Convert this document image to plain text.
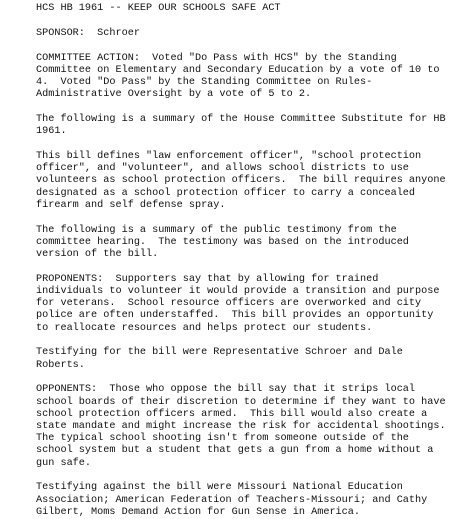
HCS HB 1961 -- KEEP OUR SCHOOLS SAFE ACT
SPONSOR:  Schroer
COMMITTEE ACTION:  Voted "Do Pass with HCS" by the Standing
Committee on Elementary and Secondary Education by a vote of 10 to
4.  Voted "Do Pass" by the Standing Committee on Rules-
Administrative Oversight by a vote of 5 to 2.
The following is a summary of the House Committee Substitute for HB
1961.
This bill defines "law enforcement officer", "school protection
officer", and "volunteer", and allows school districts to use
volunteers as school protection officers.  The bill requires anyone
designated as a school protection officer to carry a concealed
firearm and self defense spray.
The following is a summary of the public testimony from the
committee hearing.  The testimony was based on the introduced
version of the bill.
PROPONENTS:  Supporters say that by allowing for trained
individuals to volunteer it would provide a transition and purpose
for veterans.  School resource officers are overworked and city
police are often understaffed.  This bill provides an opportunity
to reallocate resources and helps protect our students.
Testifying for the bill were Representative Schroer and Dale
Roberts.
OPPONENTS:  Those who oppose the bill say that it strips local
school boards of their discretion to determine if they want to have
school protection officers armed.  This bill would also create a
state mandate and might increase the risk for accidental shootings.
The typical school shooting isn't from someone outside of the
school system but a student that gets a gun from a home without a
gun safe.
Testifying against the bill were Missouri National Education
Association; American Federation of Teachers-Missouri; and Cathy
Gilbert, Moms Demand Action for Gun Sense in America.
